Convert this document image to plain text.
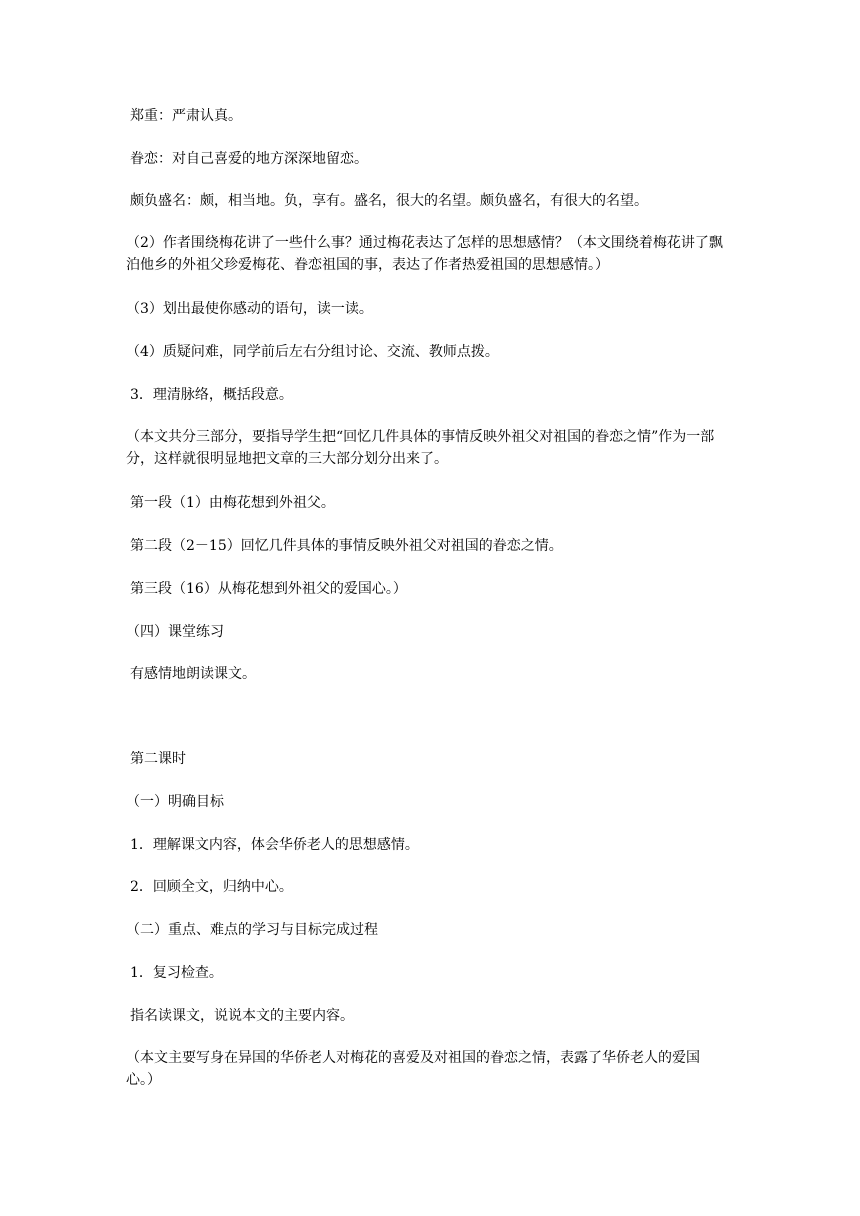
郑重：严肃认真。

眷恋：对自己喜爱的地方深深地留恋。

颇负盛名：颇，相当地。负，享有。盛名，很大的名望。颇负盛名，有很大的名望。

（2）作者围绕梅花讲了一些什么事？通过梅花表达了怎样的思想感情？（本文围绕着梅花讲了飘泊他乡的外祖父珍爱梅花、眷恋祖国的事，表达了作者热爱祖国的思想感情。）

（3）划出最使你感动的语句，读一读。

（4）质疑问难，同学前后左右分组讨论、交流、教师点拨。

3．理清脉络，概括段意。

（本文共分三部分，要指导学生把“回忆几件具体的事情反映外祖父对祖国的眷恋之情”作为一部分，这样就很明显地把文章的三大部分划分出来了。

第一段（1）由梅花想到外祖父。

第二段（2－15）回忆几件具体的事情反映外祖父对祖国的眷恋之情。

第三段（16）从梅花想到外祖父的爱国心。）

（四）课堂练习

有感情地朗读课文。

第二课时

（一）明确目标

1．理解课文内容，体会华侨老人的思想感情。

2．回顾全文，归纳中心。

（二）重点、难点的学习与目标完成过程

1．复习检查。

指名读课文，说说本文的主要内容。

（本文主要写身在异国的华侨老人对梅花的喜爱及对祖国的眷恋之情，表露了华侨老人的爱国心。）
